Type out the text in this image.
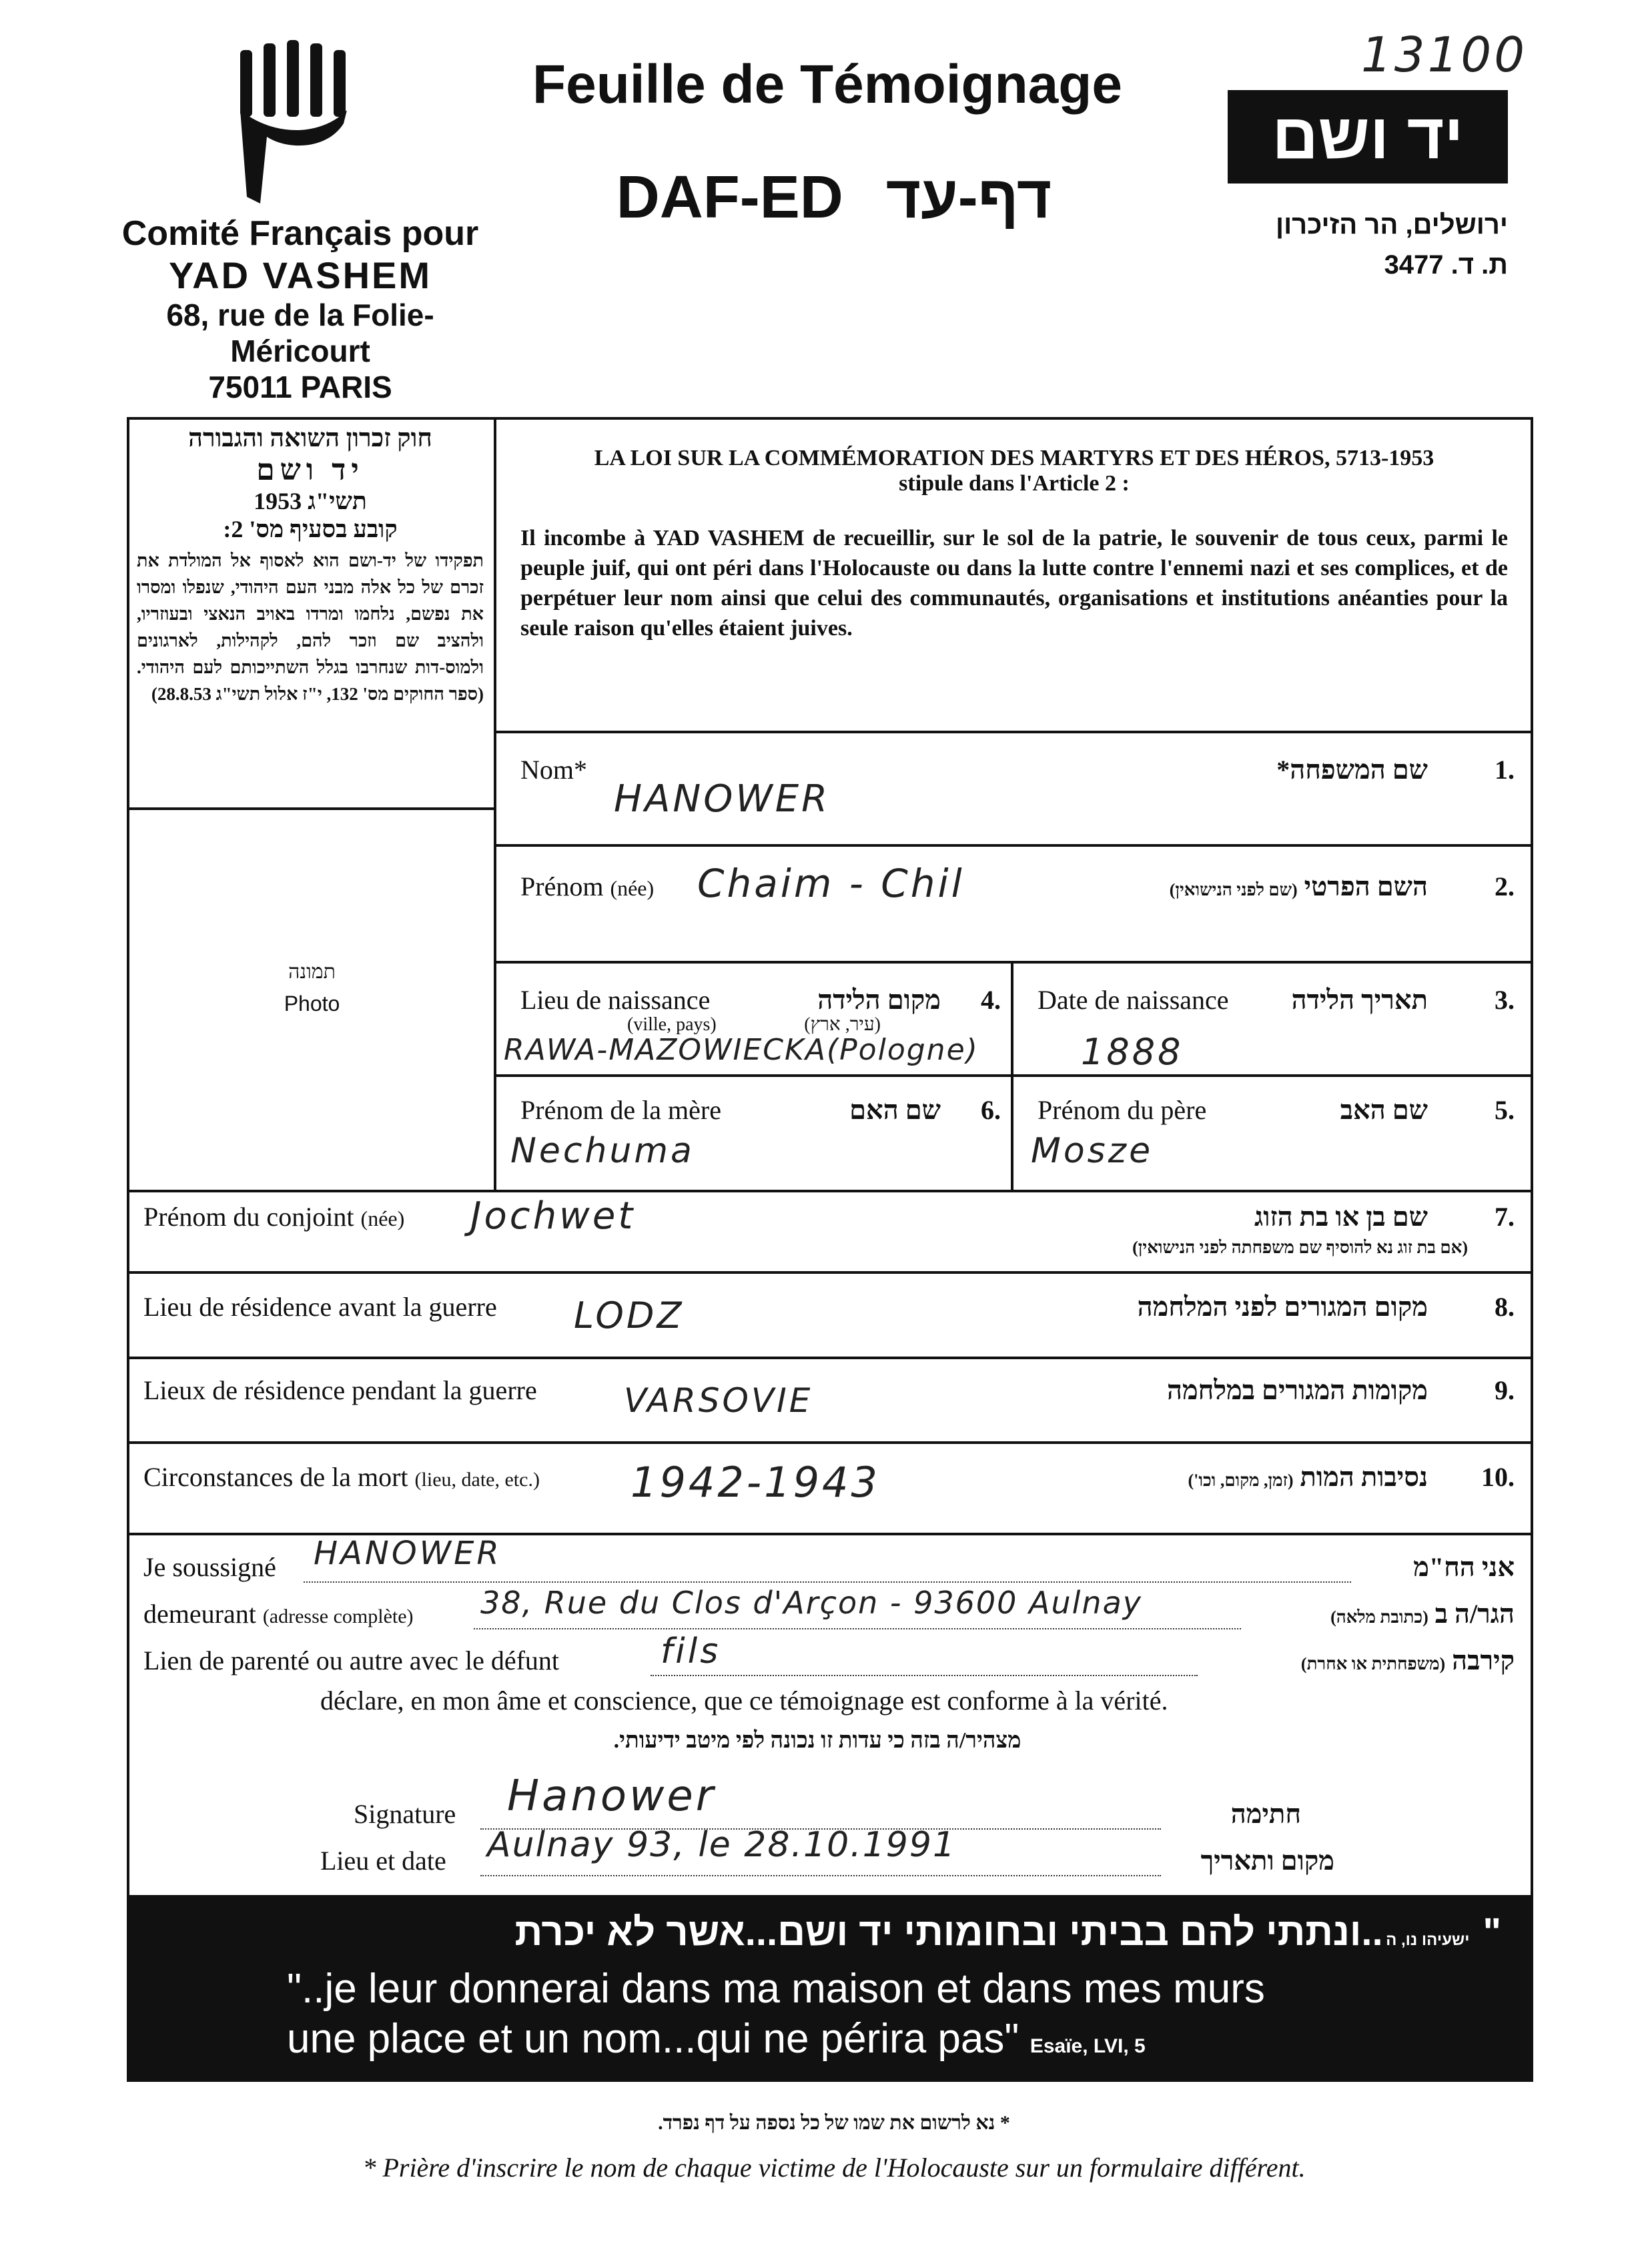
Comité Français pour
YAD VASHEM
68, rue de la Folie-Méricourt
75011 PARIS
Feuille de Témoignage
DAF-ED דף-עד
13100
יד ושם
ירושלים, הר הזיכרון
ת. ד. 3477
חוק זכרון השואה והגבורה
יד ושם
תשי"ג 1953
קובע בסעיף מס' 2:
תפקידו של יד-ושם הוא לאסוף אל המולדת את זכרם של כל אלה מבני העם היהודי, שנפלו ומסרו את נפשם, נלחמו ומרדו באויב הנאצי ובעוזריו, ולהציב שם וזכר להם, לקהילות, לארגונים ולמוס-דות שנחרבו בגלל השתייכותם לעם היהודי. (ספר החוקים מס' 132, י"ז אלול תשי"ג 28.8.53)
תמונה
Photo
LA LOI SUR LA COMMÉMORATION DES MARTYRS ET DES HÉROS, 5713-1953
stipule dans l'Article 2 :
Il incombe à YAD VASHEM de recueillir, sur le sol de la patrie, le souvenir de tous ceux, parmi le peuple juif, qui ont péri dans l'Holocauste ou dans la lutte contre l'ennemi nazi et ses complices, et de perpétuer leur nom ainsi que celui des communautés, organisations et institutions anéanties pour la seule raison qu'elles étaient juives.
Nom*	שם המשפחה*	.1
HANOWER
Prénom (née) Chaim - Chil	השם הפרטי (שם לפני הנישואין)	.2
Lieu de naissance
(ville, pays)
מקום הלידה
(עיר, ארץ)
.4
RAWA-MAZOWIECKA(Pologne)
Date de naissance	תאריך הלידה	.3
1888
Prénom de la mère	שם האם	.6
Nechuma
Prénom du père	שם האב	.5
Mosze
Prénom du conjoint (née) Jochwet	שם בן או בת הזוג	.7
(אם בת זוג נא להוסיף שם משפחתה לפני הנישואין)
Lieu de résidence avant la guerre LODZ	מקום המגורים לפני המלחמה	.8
Lieux de résidence pendant la guerre	VARSOVIE	מקומות המגורים במלחמה	.9
Circonstances de la mort (lieu, date, etc.) 1942-1943	נסיבות המות (זמן, מקום, וכו')	.10
Je soussigné HANOWER	אני הח"מ
demeurant (adresse complète) 38, Rue du Clos d'Arçon - 93600 Aulnay	הגר/ה ב (כתובת מלאה)
Lien de parenté ou autre avec le défunt	fils	קירבה (משפחתית או אחרת)
déclare, en mon âme et conscience, que ce témoignage est conforme à la vérité.
מצהיר/ה בזה כי עדות זו נכונה לפי מיטב ידיעותי.
Signature Hanower	חתימה
Lieu et date Aulnay 93, le 28.10.1991	מקום ותאריך
ישעיהו נו, ה ..ונתתי להם בביתי ובחומותי יד ושם...אשר לא יכרת"
"..je leur donnerai dans ma maison et dans mes murs
une place et un nom...qui ne périra pas" Esaïe, LVI, 5
* נא לרשום את שמו של כל נספה על דף נפרד.
* Prière d'inscrire le nom de chaque victime de l'Holocauste sur un formulaire différent.
